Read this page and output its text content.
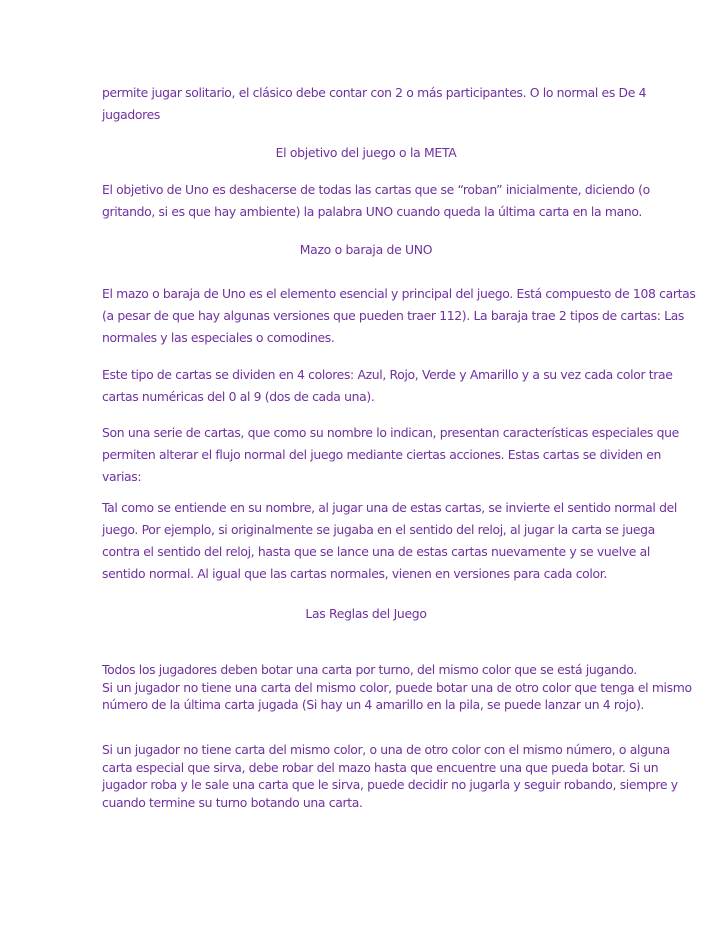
permite jugar solitario, el clásico debe contar con 2 o más participantes. O lo normal es De 4
jugadores

El objetivo del juego o la META

El objetivo de Uno es deshacerse de todas las cartas que se “roban” inicialmente, diciendo (o
gritando, si es que hay ambiente) la palabra UNO cuando queda la última carta en la mano.

Mazo o baraja de UNO

El mazo o baraja de Uno es el elemento esencial y principal del juego. Está compuesto de 108 cartas
(a pesar de que hay algunas versiones que pueden traer 112). La baraja trae 2 tipos de cartas: Las
normales y las especiales o comodines.

Este tipo de cartas se dividen en 4 colores: Azul, Rojo, Verde y Amarillo y a su vez cada color trae
cartas numéricas del 0 al 9 (dos de cada una).

Son una serie de cartas, que como su nombre lo indican, presentan características especiales que
permiten alterar el flujo normal del juego mediante ciertas acciones. Estas cartas se dividen en
varias:

Tal como se entiende en su nombre, al jugar una de estas cartas, se invierte el sentido normal del
juego. Por ejemplo, si originalmente se jugaba en el sentido del reloj, al jugar la carta se juega
contra el sentido del reloj, hasta que se lance una de estas cartas nuevamente y se vuelve al
sentido normal. Al igual que las cartas normales, vienen en versiones para cada color.

Las Reglas del Juego

Todos los jugadores deben botar una carta por turno, del mismo color que se está jugando.
Si un jugador no tiene una carta del mismo color, puede botar una de otro color que tenga el mismo
número de la última carta jugada (Si hay un 4 amarillo en la pila, se puede lanzar un 4 rojo).

Si un jugador no tiene carta del mismo color, o una de otro color con el mismo número, o alguna
carta especial que sirva, debe robar del mazo hasta que encuentre una que pueda botar. Si un
jugador roba y le sale una carta que le sirva, puede decidir no jugarla y seguir robando, siempre y
cuando termine su turno botando una carta.
